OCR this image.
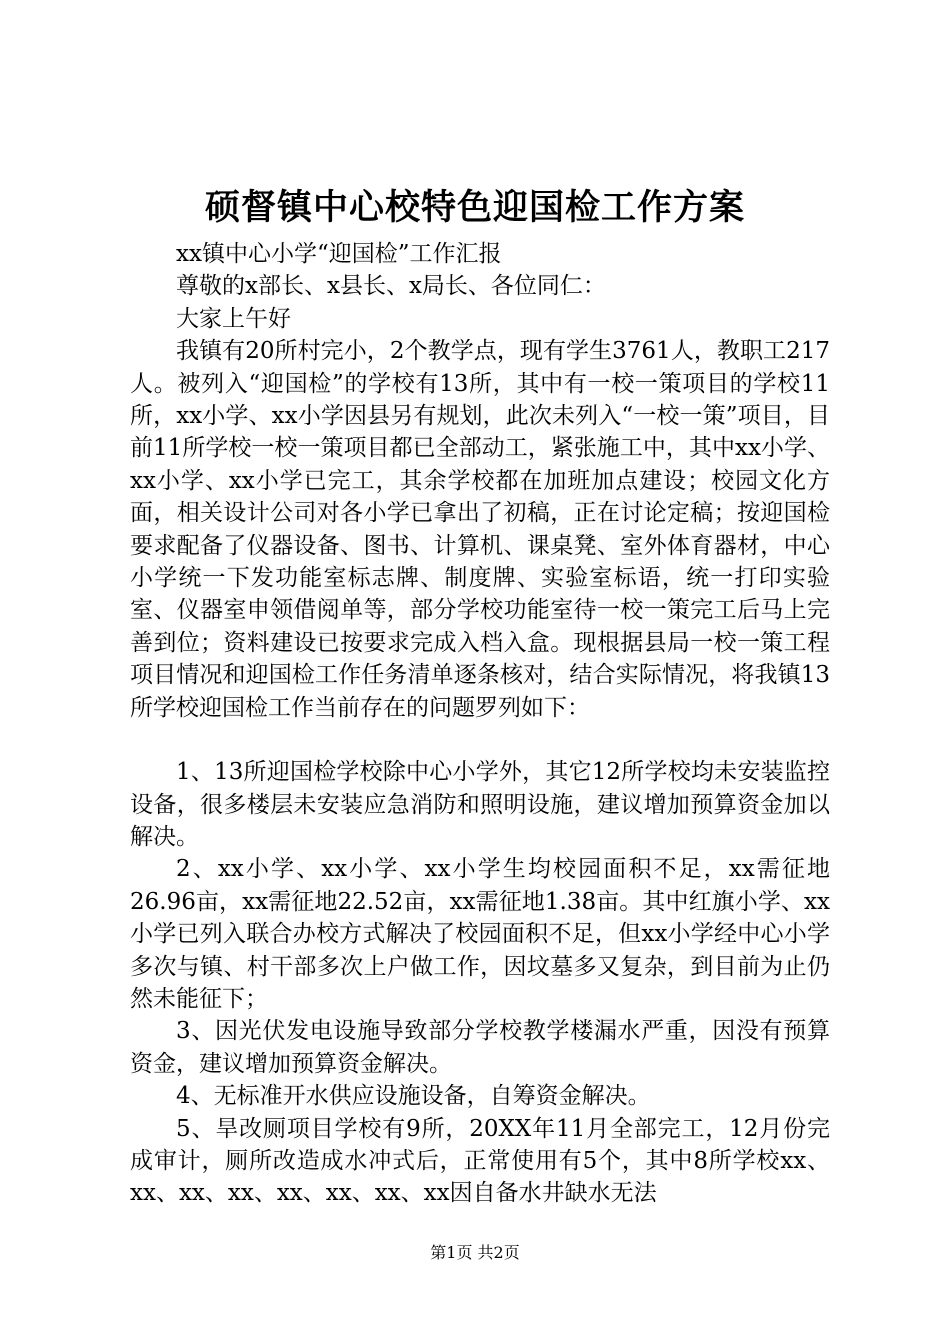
硕督镇中心校特色迎国检工作方案

xx镇中心小学“迎国检”工作汇报

尊敬的x部长、x县长、x局长、各位同仁：

大家上午好

我镇有20所村完小，2个教学点，现有学生3761人，教职工217人。被列入“迎国检”的学校有13所，其中有一校一策项目的学校11所，xx小学、xx小学因县另有规划，此次未列入“一校一策”项目，目前11所学校一校一策项目都已全部动工，紧张施工中，其中xx小学、xx小学、xx小学已完工，其余学校都在加班加点建设；校园文化方面，相关设计公司对各小学已拿出了初稿，正在讨论定稿；按迎国检要求配备了仪器设备、图书、计算机、课桌凳、室外体育器材，中心小学统一下发功能室标志牌、制度牌、实验室标语，统一打印实验室、仪器室申领借阅单等，部分学校功能室待一校一策完工后马上完善到位；资料建设已按要求完成入档入盒。现根据县局一校一策工程项目情况和迎国检工作任务清单逐条核对，结合实际情况，将我镇13所学校迎国检工作当前存在的问题罗列如下：

1、13所迎国检学校除中心小学外，其它12所学校均未安装监控设备，很多楼层未安装应急消防和照明设施，建议增加预算资金加以解决。

2、xx小学、xx小学、xx小学生均校园面积不足，xx需征地26.96亩，xx需征地22.52亩，xx需征地1.38亩。其中红旗小学、xx小学已列入联合办校方式解决了校园面积不足，但xx小学经中心小学多次与镇、村干部多次上户做工作，因坟墓多又复杂，到目前为止仍然未能征下；

3、因光伏发电设施导致部分学校教学楼漏水严重，因没有预算资金，建议增加预算资金解决。

4、无标准开水供应设施设备，自筹资金解决。

5、旱改厕项目学校有9所，20XX年11月全部完工，12月份完成审计，厕所改造成水冲式后，正常使用有5个，其中8所学校xx、xx、xx、xx、xx、xx、xx、xx因自备水井缺水无法

第1页 共2页
